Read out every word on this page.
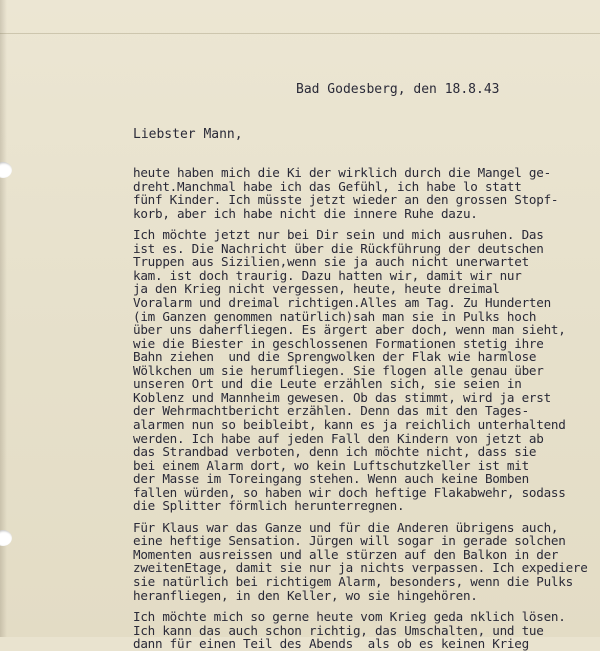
Bad Godesberg, den 18.8.43
Liebster Mann,
heute haben mich die Ki der wirklich durch die Mangel ge-
dreht.Manchmal habe ich das Gefühl, ich habe lo statt
fünf Kinder. Ich müsste jetzt wieder an den grossen Stopf-
korb, aber ich habe nicht die innere Ruhe dazu.
Ich möchte jetzt nur bei Dir sein und mich ausruhen. Das
ist es. Die Nachricht über die Rückführung der deutschen
Truppen aus Sizilien,wenn sie ja auch nicht unerwartet
kam. ist doch traurig. Dazu hatten wir, damit wir nur
ja den Krieg nicht vergessen, heute, heute dreimal
Voralarm und dreimal richtigen.Alles am Tag. Zu Hunderten
(im Ganzen genommen natürlich)sah man sie in Pulks hoch
über uns daherfliegen. Es ärgert aber doch, wenn man sieht,
wie die Biester in geschlossenen Formationen stetig ihre
Bahn ziehen  und die Sprengwolken der Flak wie harmlose
Wölkchen um sie herumfliegen. Sie flogen alle genau über
unseren Ort und die Leute erzählen sich, sie seien in
Koblenz und Mannheim gewesen. Ob das stimmt, wird ja erst
der Wehrmachtbericht erzählen. Denn das mit den Tages-
alarmen nun so beibleibt, kann es ja reichlich unterhaltend
werden. Ich habe auf jeden Fall den Kindern von jetzt ab
das Strandbad verboten, denn ich möchte nicht, dass sie
bei einem Alarm dort, wo kein Luftschutzkeller ist mit
der Masse im Toreingang stehen. Wenn auch keine Bomben
fallen würden, so haben wir doch heftige Flakabwehr, sodass
die Splitter förmlich herunterregnen.
Für Klaus war das Ganze und für die Anderen übrigens auch,
eine heftige Sensation. Jürgen will sogar in gerade solchen
Momenten ausreissen und alle stürzen auf den Balkon in der
zweitenEtage, damit sie nur ja nichts verpassen. Ich expediere
sie natürlich bei richtigem Alarm, besonders, wenn die Pulks
heranfliegen, in den Keller, wo sie hingehören.
Ich möchte mich so gerne heute vom Krieg geda nklich lösen.
Ich kann das auch schon richtig, das Umschalten, und tue
dann für einen Teil des Abends  als ob es keinen Krieg
